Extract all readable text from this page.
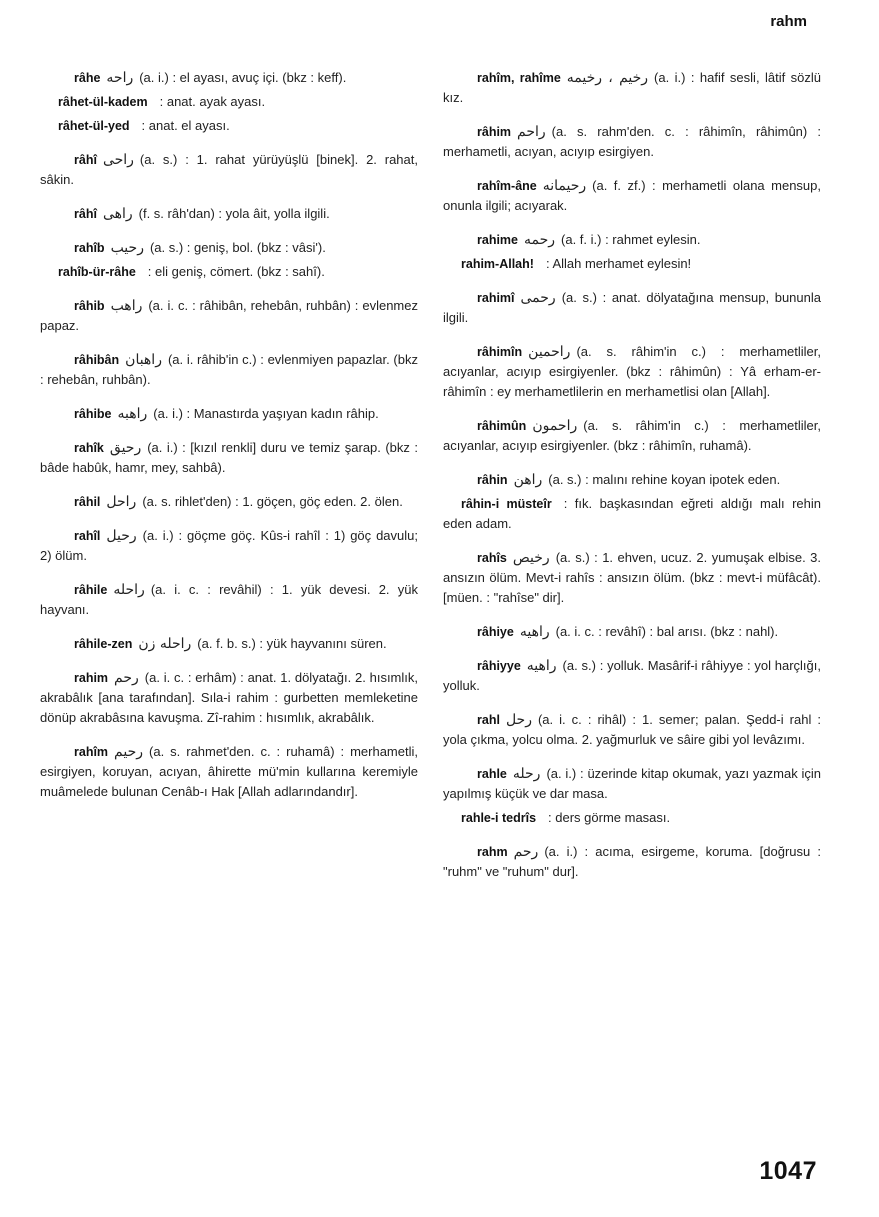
rahm

râhe راحه (a. i.) : el ayası, avuç içi. (bkz : keff).

râhet-ül-kadem : anat. ayak ayası.

râhet-ül-yed : anat. el ayası.

râhî راحی (a. s.) : 1. rahat yürüyüşlü [binek]. 2. rahat, sâkin.

râhî راهی (f. s. râh'dan) : yola âit, yolla ilgili.

rahîb رحیب (a. s.) : geniş, bol. (bkz : vâsi').

rahîb-ür-râhe : eli geniş, cömert. (bkz : sahî).

râhib راهب (a. i. c. : râhibân, rehebân, ruhbân) : evlenmez papaz.

râhibân راهبان (a. i. râhib'in c.) : evlenmiyen papazlar. (bkz : rehebân, ruhbân).

râhibe راهبه (a. i.) : Manastırda yaşıyan kadın râhip.

rahîk رحیق (a. i.) : [kızıl renkli] duru ve temiz şarap. (bkz : bâde habûk, hamr, mey, sahbâ).

râhil راحل (a. s. rihlet'den) : 1. göçen, göç eden. 2. ölen.

rahîl رحیل (a. i.) : göçme göç. Kûs-i rahîl : 1) göç davulu; 2) ölüm.

râhile راحله (a. i. c. : revâhil) : 1. yük devesi. 2. yük hayvanı.

râhile-zen راحله زن (a. f. b. s.) : yük hayvanını süren.

rahim رحم (a. i. c. : erhâm) : anat. 1. dölyatağı. 2. hısımlık, akrabâlık [ana tarafından]. Sıla-i rahim : gurbetten memleketine dönüp akrabâsına kavuşma. Zî-rahim : hısımlık, akrabâlık.

rahîm رحیم (a. s. rahmet'den. c. : ruhamâ) : merhametli, esirgiyen, koruyan, acıyan, âhirette mü'min kullarına keremiyle muâmelede bulunan Cenâb-ı Hak [Allah adlarındandır].

rahîm, rahîme رخیم ، رخیمه (a. i.) : hafif sesli, lâtif sözlü kız.

râhim راحم (a. s. rahm'den. c. : râhimîn, râhimûn) : merhametli, acıyan, acıyıp esirgiyen.

rahîm-âne رحیمانه (a. f. zf.) : merhametli olana mensup, onunla ilgili; acıyarak.

rahime رحمه (a. f. i.) : rahmet eylesin.

rahim-Allah! : Allah merhamet eylesin!

rahimî رحمی (a. s.) : anat. dölyatağına mensup, bununla ilgili.

râhimîn راحمین (a. s. râhim'in c.) : merhametliler, acıyanlar, acıyıp esirgiyenler. (bkz : râhimûn) : Yâ erham-er-râhimîn : ey merhametlilerin en merhametlisi olan [Allah].

râhimûn راحمون (a. s. râhim'in c.) : merhametliler, acıyanlar, acıyıp esirgiyenler. (bkz : râhimîn, ruhamâ).

râhin راهن (a. s.) : malını rehine koyan ipotek eden.

râhin-i müsteîr : fık. başkasından eğreti aldığı malı rehin eden adam.

rahîs رخیص (a. s.) : 1. ehven, ucuz. 2. yumuşak elbise. 3. ansızın ölüm. Mevt-i rahîs : ansızın ölüm. (bkz : mevt-i müfâcât). [müen. : "rahîse" dir].

râhiye راهیه (a. i. c. : revâhî) : bal arısı. (bkz : nahl).

râhiyye راهیه (a. s.) : yolluk. Masârif-i râhiyye : yol harçlığı, yolluk.

rahl رحل (a. i. c. : rihâl) : 1. semer; palan. Şedd-i rahl : yola çıkma, yolcu olma. 2. yağmurluk ve sâire gibi yol levâzımı.

rahle رحله (a. i.) : üzerinde kitap okumak, yazı yazmak için yapılmış küçük ve dar masa.

rahle-i tedrîs : ders görme masası.

rahm رحم (a. i.) : acıma, esirgeme, koruma. [doğrusu : "ruhm" ve "ruhum" dur].

1047
